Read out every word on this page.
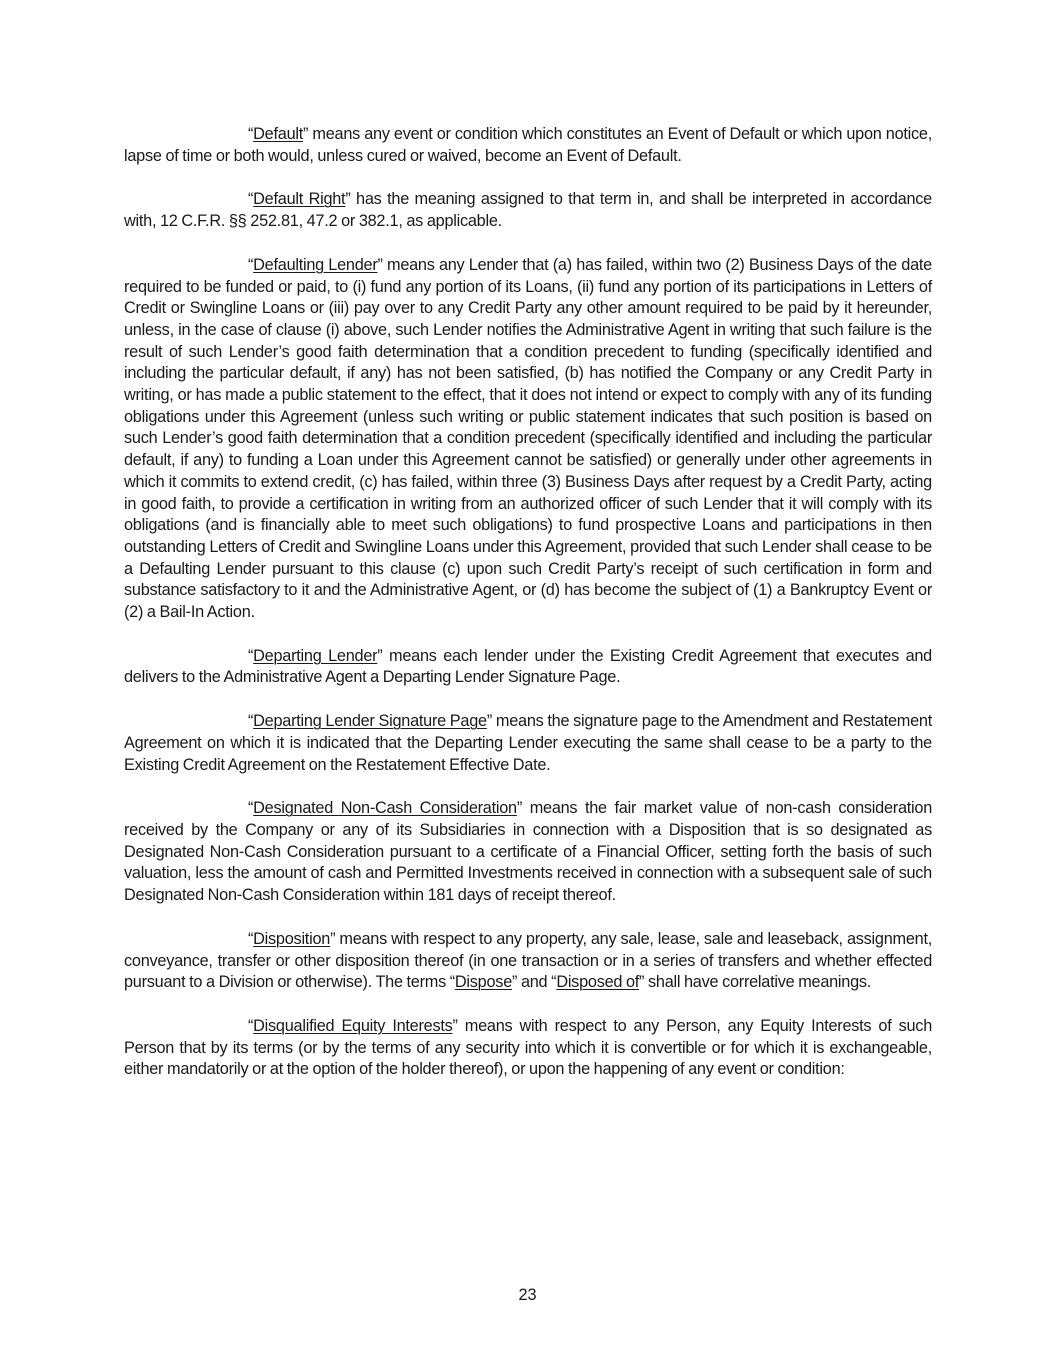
“Default” means any event or condition which constitutes an Event of Default or which upon notice, lapse of time or both would, unless cured or waived, become an Event of Default.

“Default Right” has the meaning assigned to that term in, and shall be interpreted in accordance with, 12 C.F.R. §§ 252.81, 47.2 or 382.1, as applicable.

“Defaulting Lender” means any Lender that (a) has failed, within two (2) Business Days of the date required to be funded or paid, to (i) fund any portion of its Loans, (ii) fund any portion of its participations in Letters of Credit or Swingline Loans or (iii) pay over to any Credit Party any other amount required to be paid by it hereunder, unless, in the case of clause (i) above, such Lender notifies the Administrative Agent in writing that such failure is the result of such Lender’s good faith determination that a condition precedent to funding (specifically identified and including the particular default, if any) has not been satisfied, (b) has notified the Company or any Credit Party in writing, or has made a public statement to the effect, that it does not intend or expect to comply with any of its funding obligations under this Agreement (unless such writing or public statement indicates that such position is based on such Lender’s good faith determination that a condition precedent (specifically identified and including the particular default, if any) to funding a Loan under this Agreement cannot be satisfied) or generally under other agreements in which it commits to extend credit, (c) has failed, within three (3) Business Days after request by a Credit Party, acting in good faith, to provide a certification in writing from an authorized officer of such Lender that it will comply with its obligations (and is financially able to meet such obligations) to fund prospective Loans and participations in then outstanding Letters of Credit and Swingline Loans under this Agreement, provided that such Lender shall cease to be a Defaulting Lender pursuant to this clause (c) upon such Credit Party’s receipt of such certification in form and substance satisfactory to it and the Administrative Agent, or (d) has become the subject of (1) a Bankruptcy Event or (2) a Bail-In Action.

“Departing Lender” means each lender under the Existing Credit Agreement that executes and delivers to the Administrative Agent a Departing Lender Signature Page.

“Departing Lender Signature Page” means the signature page to the Amendment and Restatement Agreement on which it is indicated that the Departing Lender executing the same shall cease to be a party to the Existing Credit Agreement on the Restatement Effective Date.

“Designated Non-Cash Consideration” means the fair market value of non-cash consideration received by the Company or any of its Subsidiaries in connection with a Disposition that is so designated as Designated Non-Cash Consideration pursuant to a certificate of a Financial Officer, setting forth the basis of such valuation, less the amount of cash and Permitted Investments received in connection with a subsequent sale of such Designated Non-Cash Consideration within 181 days of receipt thereof.

“Disposition” means with respect to any property, any sale, lease, sale and leaseback, assignment, conveyance, transfer or other disposition thereof (in one transaction or in a series of transfers and whether effected pursuant to a Division or otherwise). The terms “Dispose” and “Disposed of” shall have correlative meanings.

“Disqualified Equity Interests” means with respect to any Person, any Equity Interests of such Person that by its terms (or by the terms of any security into which it is convertible or for which it is exchangeable, either mandatorily or at the option of the holder thereof), or upon the happening of any event or condition:

23
